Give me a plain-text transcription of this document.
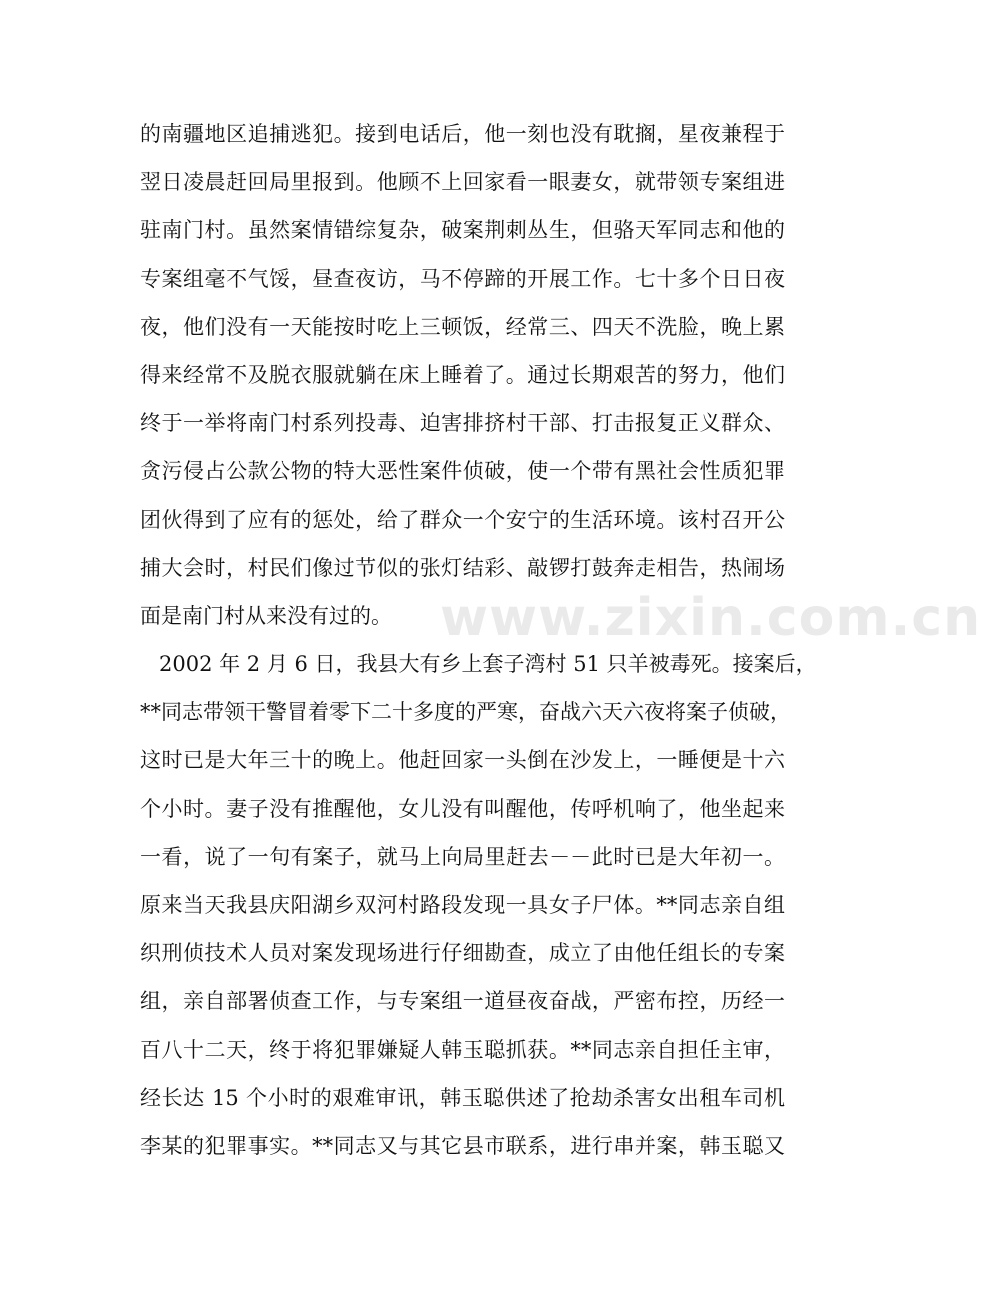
的南疆地区追捕逃犯。接到电话后，他一刻也没有耽搁，星夜兼程于
翌日凌晨赶回局里报到。他顾不上回家看一眼妻女，就带领专案组进
驻南门村。虽然案情错综复杂，破案荆刺丛生，但骆天军同志和他的
专案组毫不气馁，昼查夜访，马不停蹄的开展工作。七十多个日日夜
夜，他们没有一天能按时吃上三顿饭，经常三、四天不洗脸，晚上累
得来经常不及脱衣服就躺在床上睡着了。通过长期艰苦的努力，他们
终于一举将南门村系列投毒、迫害排挤村干部、打击报复正义群众、
贪污侵占公款公物的特大恶性案件侦破，使一个带有黑社会性质犯罪
团伙得到了应有的惩处，给了群众一个安宁的生活环境。该村召开公
捕大会时，村民们像过节似的张灯结彩、敲锣打鼓奔走相告，热闹场
面是南门村从来没有过的。
2002 年 2 月 6 日，我县大有乡上套子湾村 51 只羊被毒死。接案后，
**同志带领干警冒着零下二十多度的严寒，奋战六天六夜将案子侦破，
这时已是大年三十的晚上。他赶回家一头倒在沙发上，一睡便是十六
个小时。妻子没有推醒他，女儿没有叫醒他，传呼机响了，他坐起来
一看，说了一句有案子，就马上向局里赶去－－此时已是大年初一。
原来当天我县庆阳湖乡双河村路段发现一具女子尸体。**同志亲自组
织刑侦技术人员对案发现场进行仔细勘查，成立了由他任组长的专案
组，亲自部署侦查工作，与专案组一道昼夜奋战，严密布控，历经一
百八十二天，终于将犯罪嫌疑人韩玉聪抓获。**同志亲自担任主审，
经长达 15 个小时的艰难审讯，韩玉聪供述了抢劫杀害女出租车司机
李某的犯罪事实。**同志又与其它县市联系，进行串并案，韩玉聪又
www.zixin.com.cn
